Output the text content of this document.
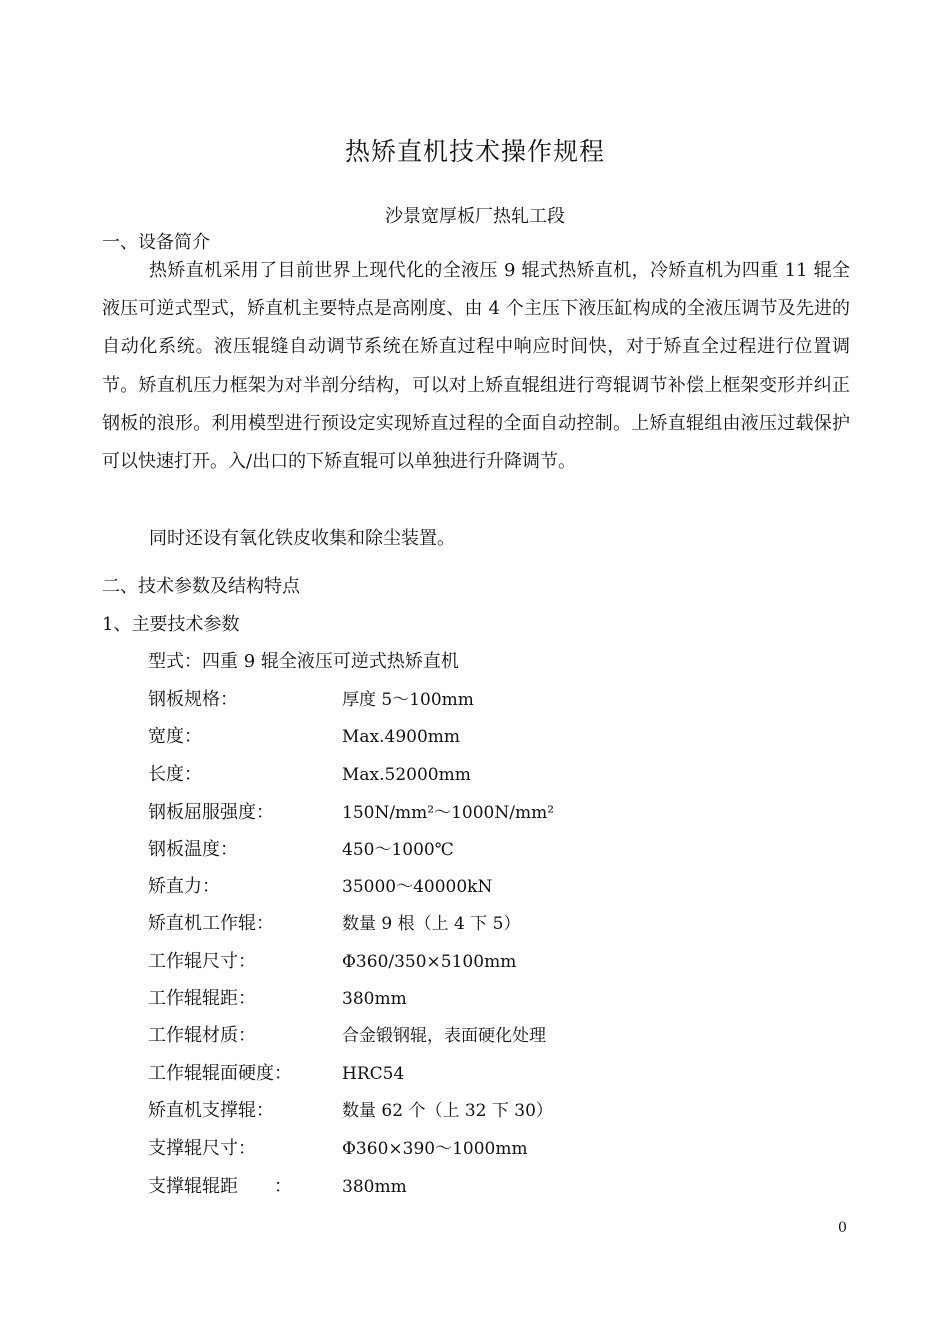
热矫直机技术操作规程
沙景宽厚板厂热轧工段
一、设备简介
热矫直机采用了目前世界上现代化的全液压 9 辊式热矫直机，冷矫直机为四重 11 辊全液压可逆式型式，矫直机主要特点是高刚度、由 4 个主压下液压缸构成的全液压调节及先进的自动化系统。液压辊缝自动调节系统在矫直过程中响应时间快，对于矫直全过程进行位置调节。矫直机压力框架为对半剖分结构，可以对上矫直辊组进行弯辊调节补偿上框架变形并纠正钢板的浪形。利用模型进行预设定实现矫直过程的全面自动控制。上矫直辊组由液压过载保护可以快速打开。入/出口的下矫直辊可以单独进行升降调节。
同时还设有氧化铁皮收集和除尘装置。
二、技术参数及结构特点
1、主要技术参数
型式：四重 9 辊全液压可逆式热矫直机
钢板规格：	厚度 5～100mm
宽度：	Max.4900mm
长度：	Max.52000mm
钢板屈服强度：	150N/mm²～1000N/mm²
钢板温度：	450～1000℃
矫直力：	35000～40000kN
矫直机工作辊：	数量 9 根（上 4 下 5）
工作辊尺寸：	Φ360/350×5100mm
工作辊辊距：	380mm
工作辊材质：	合金锻钢辊，表面硬化处理
工作辊辊面硬度：	HRC54
矫直机支撑辊：	数量 62 个（上 32 下 30）
支撑辊尺寸：	Φ360×390～1000mm
支撑辊辊距　　：	380mm
0
